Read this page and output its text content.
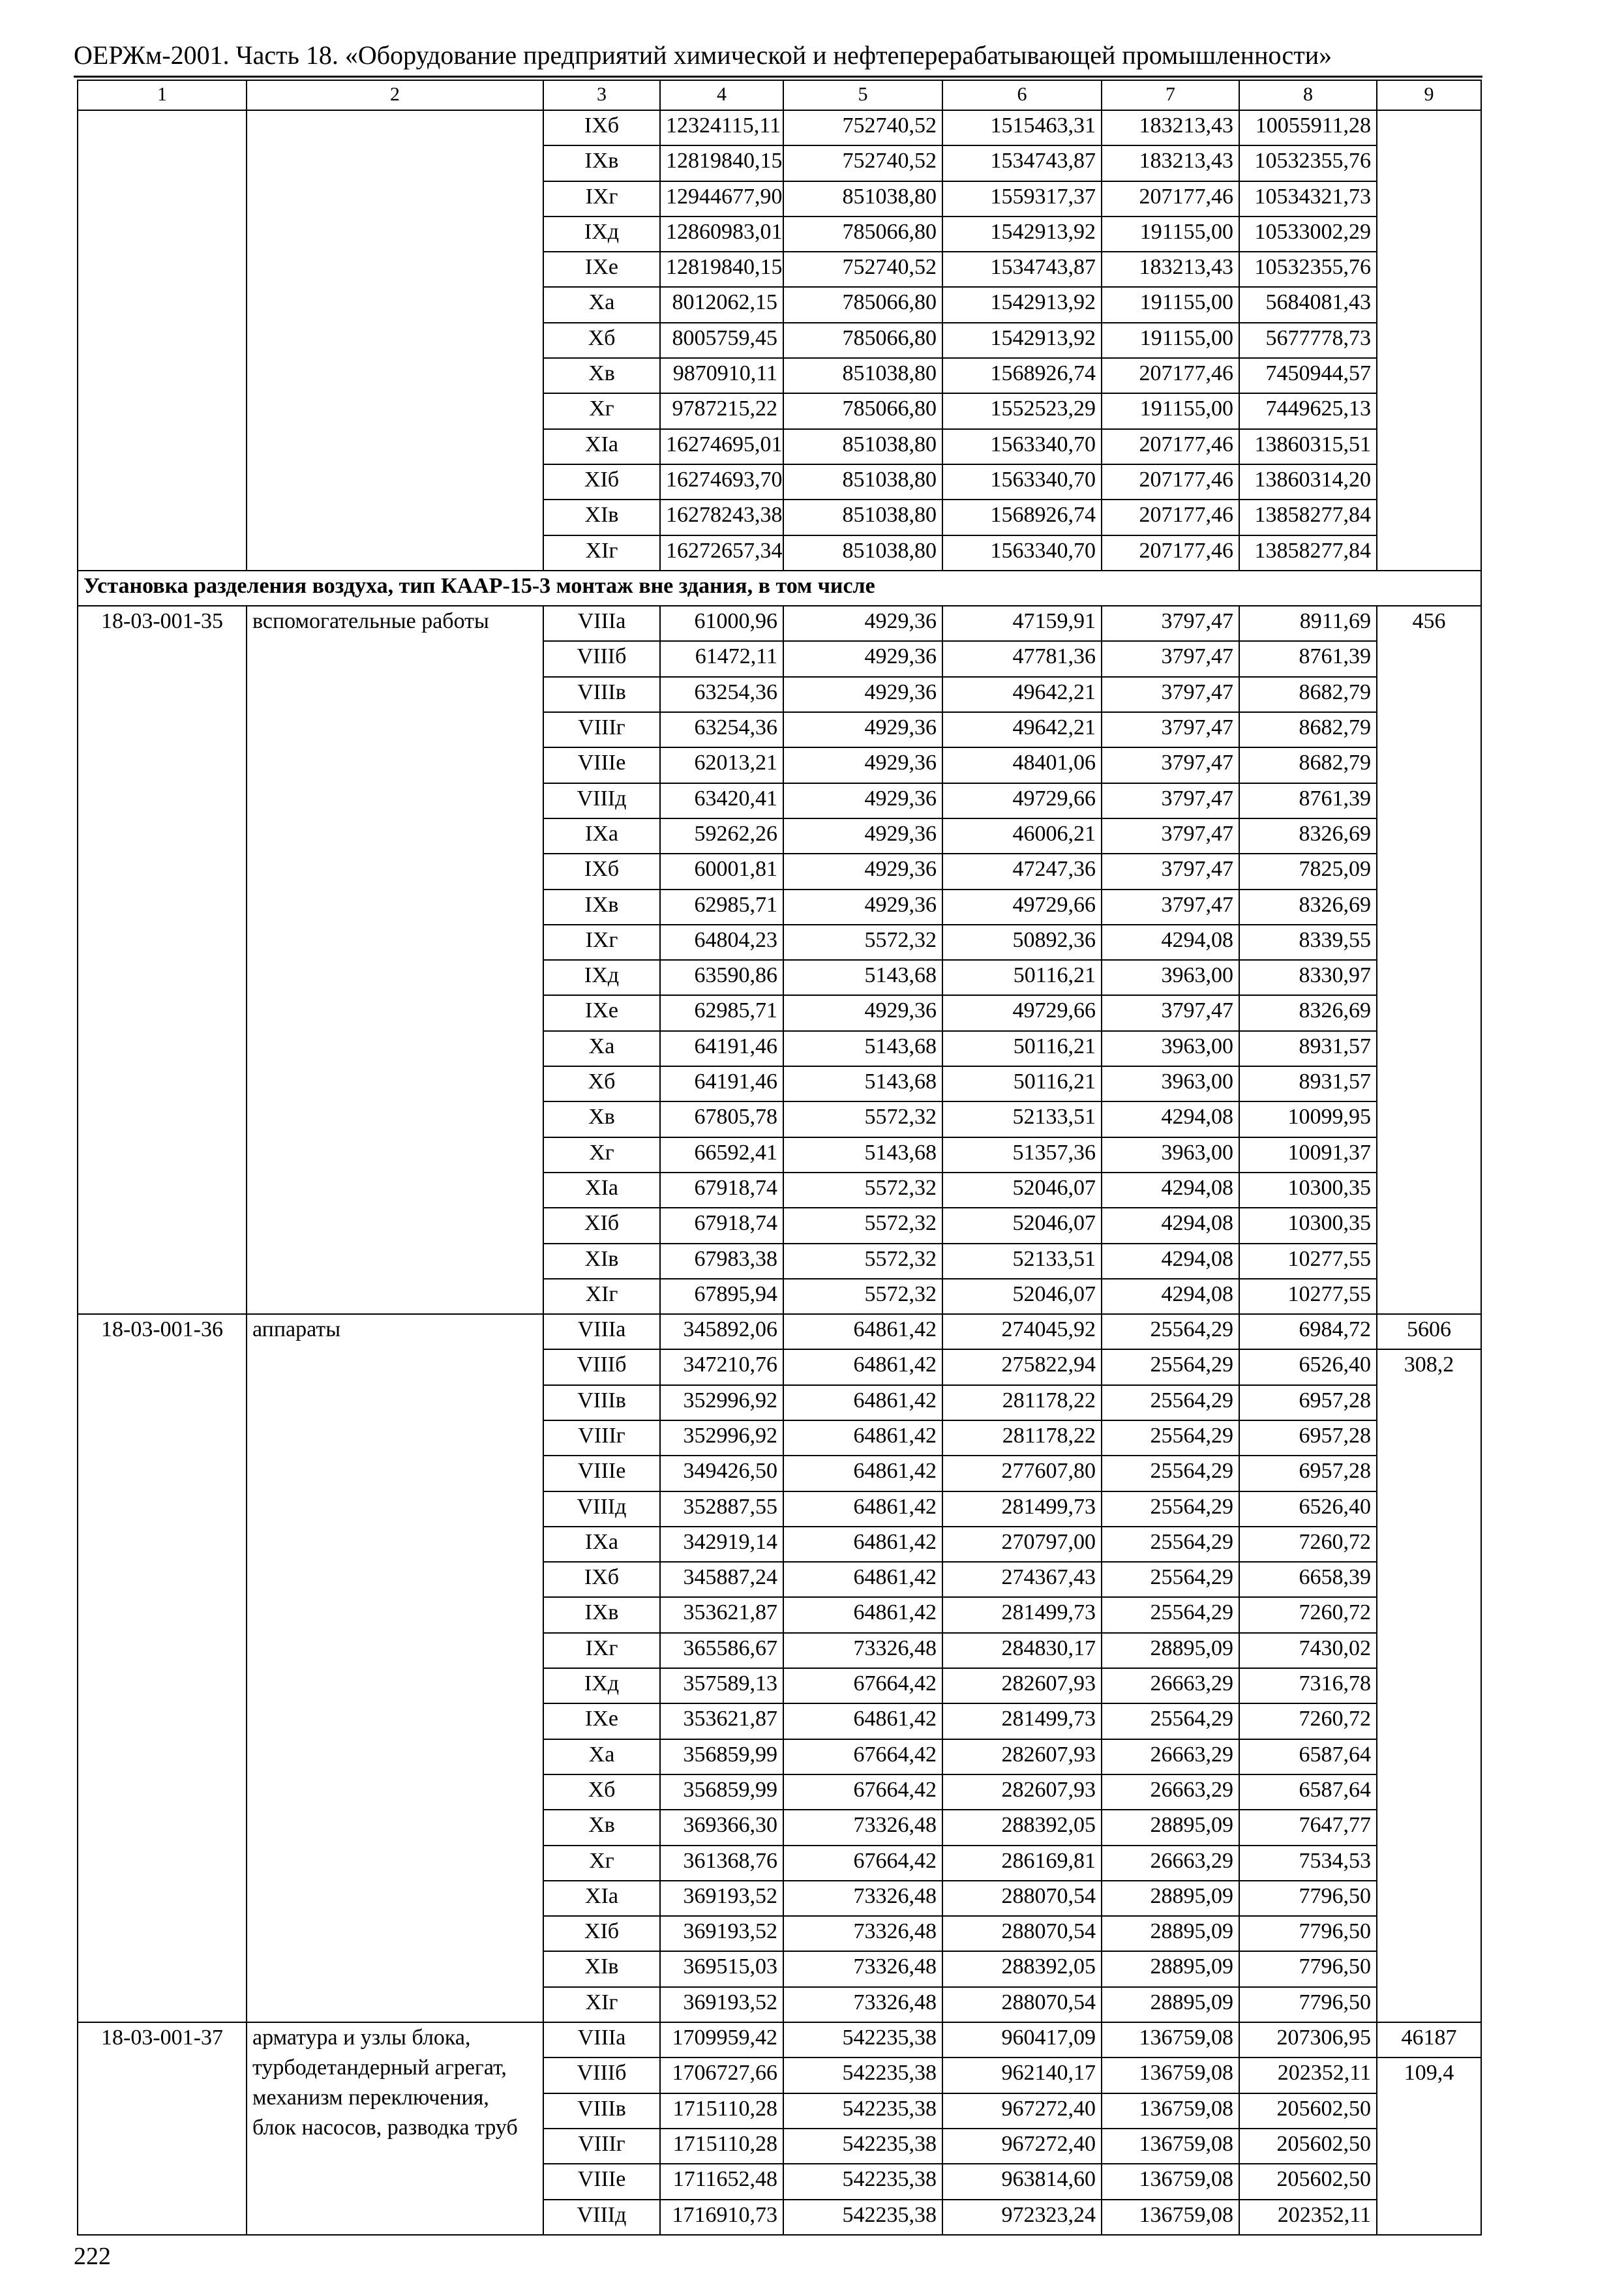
ОЕРЖм-2001. Часть 18. «Оборудование предприятий химической и нефтеперерабатывающей промышленности»
1	2	3	4	5	6	7	8	9
		IXб	12324115,11	752740,52	1515463,31	183213,43	10055911,28	
		IXв	12819840,15	752740,52	1534743,87	183213,43	10532355,76	
		IXг	12944677,90	851038,80	1559317,37	207177,46	10534321,73	
		IXд	12860983,01	785066,80	1542913,92	191155,00	10533002,29	
		IXе	12819840,15	752740,52	1534743,87	183213,43	10532355,76	
		Xа	8012062,15	785066,80	1542913,92	191155,00	5684081,43	
		Xб	8005759,45	785066,80	1542913,92	191155,00	5677778,73	
		Xв	9870910,11	851038,80	1568926,74	207177,46	7450944,57	
		Xг	9787215,22	785066,80	1552523,29	191155,00	7449625,13	
		XIа	16274695,01	851038,80	1563340,70	207177,46	13860315,51	
		XIб	16274693,70	851038,80	1563340,70	207177,46	13860314,20	
		XIв	16278243,38	851038,80	1568926,74	207177,46	13858277,84	
		XIг	16272657,34	851038,80	1563340,70	207177,46	13858277,84	
Установка разделения воздуха, тип КААР-15-3 монтаж вне здания, в том числе								
18-03-001-35	вспомогательные работы	VIIIа	61000,96	4929,36	47159,91	3797,47	8911,69	456
		VIIIб	61472,11	4929,36	47781,36	3797,47	8761,39	
		VIIIв	63254,36	4929,36	49642,21	3797,47	8682,79	
		VIIIг	63254,36	4929,36	49642,21	3797,47	8682,79	
		VIIIе	62013,21	4929,36	48401,06	3797,47	8682,79	
		VIIIд	63420,41	4929,36	49729,66	3797,47	8761,39	
		IXа	59262,26	4929,36	46006,21	3797,47	8326,69	
		IXб	60001,81	4929,36	47247,36	3797,47	7825,09	
		IXв	62985,71	4929,36	49729,66	3797,47	8326,69	
		IXг	64804,23	5572,32	50892,36	4294,08	8339,55	
		IXд	63590,86	5143,68	50116,21	3963,00	8330,97	
		IXе	62985,71	4929,36	49729,66	3797,47	8326,69	
		Xа	64191,46	5143,68	50116,21	3963,00	8931,57	
		Xб	64191,46	5143,68	50116,21	3963,00	8931,57	
		Xв	67805,78	5572,32	52133,51	4294,08	10099,95	
		Xг	66592,41	5143,68	51357,36	3963,00	10091,37	
		XIа	67918,74	5572,32	52046,07	4294,08	10300,35	
		XIб	67918,74	5572,32	52046,07	4294,08	10300,35	
		XIв	67983,38	5572,32	52133,51	4294,08	10277,55	
		XIг	67895,94	5572,32	52046,07	4294,08	10277,55	
18-03-001-36	аппараты	VIIIа	345892,06	64861,42	274045,92	25564,29	6984,72	5606
		VIIIб	347210,76	64861,42	275822,94	25564,29	6526,40	308,2
		VIIIв	352996,92	64861,42	281178,22	25564,29	6957,28	
		VIIIг	352996,92	64861,42	281178,22	25564,29	6957,28	
		VIIIе	349426,50	64861,42	277607,80	25564,29	6957,28	
		VIIIд	352887,55	64861,42	281499,73	25564,29	6526,40	
		IXа	342919,14	64861,42	270797,00	25564,29	7260,72	
		IXб	345887,24	64861,42	274367,43	25564,29	6658,39	
		IXв	353621,87	64861,42	281499,73	25564,29	7260,72	
		IXг	365586,67	73326,48	284830,17	28895,09	7430,02	
		IXд	357589,13	67664,42	282607,93	26663,29	7316,78	
		IXе	353621,87	64861,42	281499,73	25564,29	7260,72	
		Xа	356859,99	67664,42	282607,93	26663,29	6587,64	
		Xб	356859,99	67664,42	282607,93	26663,29	6587,64	
		Xв	369366,30	73326,48	288392,05	28895,09	7647,77	
		Xг	361368,76	67664,42	286169,81	26663,29	7534,53	
		XIа	369193,52	73326,48	288070,54	28895,09	7796,50	
		XIб	369193,52	73326,48	288070,54	28895,09	7796,50	
		XIв	369515,03	73326,48	288392,05	28895,09	7796,50	
		XIг	369193,52	73326,48	288070,54	28895,09	7796,50	
18-03-001-37	арматура и узлы блока, турбодетандерный агрегат, механизм переключения, блок насосов, разводка труб	VIIIа	1709959,42	542235,38	960417,09	136759,08	207306,95	46187
		VIIIб	1706727,66	542235,38	962140,17	136759,08	202352,11	109,4
		VIIIв	1715110,28	542235,38	967272,40	136759,08	205602,50	
		VIIIг	1715110,28	542235,38	967272,40	136759,08	205602,50	
		VIIIе	1711652,48	542235,38	963814,60	136759,08	205602,50	
		VIIIд	1716910,73	542235,38	972323,24	136759,08	202352,11	
222
